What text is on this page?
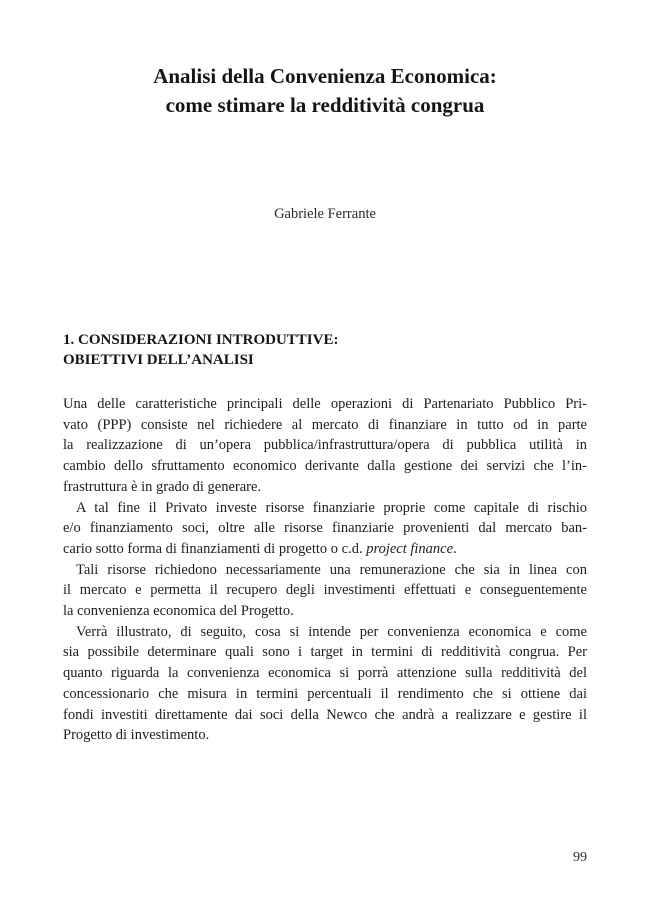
Analisi della Convenienza Economica:
come stimare la redditività congrua
Gabriele Ferrante
1. CONSIDERAZIONI INTRODUTTIVE:
OBIETTIVI DELL’ANALISI

Una delle caratteristiche principali delle operazioni di Partenariato Pubblico Pri-
vato (PPP) consiste nel richiedere al mercato di finanziare in tutto od in parte
la realizzazione di un’opera pubblica/infrastruttura/opera di pubblica utilità in
cambio dello sfruttamento economico derivante dalla gestione dei servizi che l’in-
frastruttura è in grado di generare.

A tal fine il Privato investe risorse finanziarie proprie come capitale di rischio
e/o finanziamento soci, oltre alle risorse finanziarie provenienti dal mercato ban-
cario sotto forma di finanziamenti di progetto o c.d. project finance.

Tali risorse richiedono necessariamente una remunerazione che sia in linea con
il mercato e permetta il recupero degli investimenti effettuati e conseguentemente
la convenienza economica del Progetto.

Verrà illustrato, di seguito, cosa si intende per convenienza economica e come
sia possibile determinare quali sono i target in termini di redditività congrua. Per
quanto riguarda la convenienza economica si porrà attenzione sulla redditività del
concessionario che misura in termini percentuali il rendimento che si ottiene dai
fondi investiti direttamente dai soci della Newco che andrà a realizzare e gestire il
Progetto di investimento.

99
